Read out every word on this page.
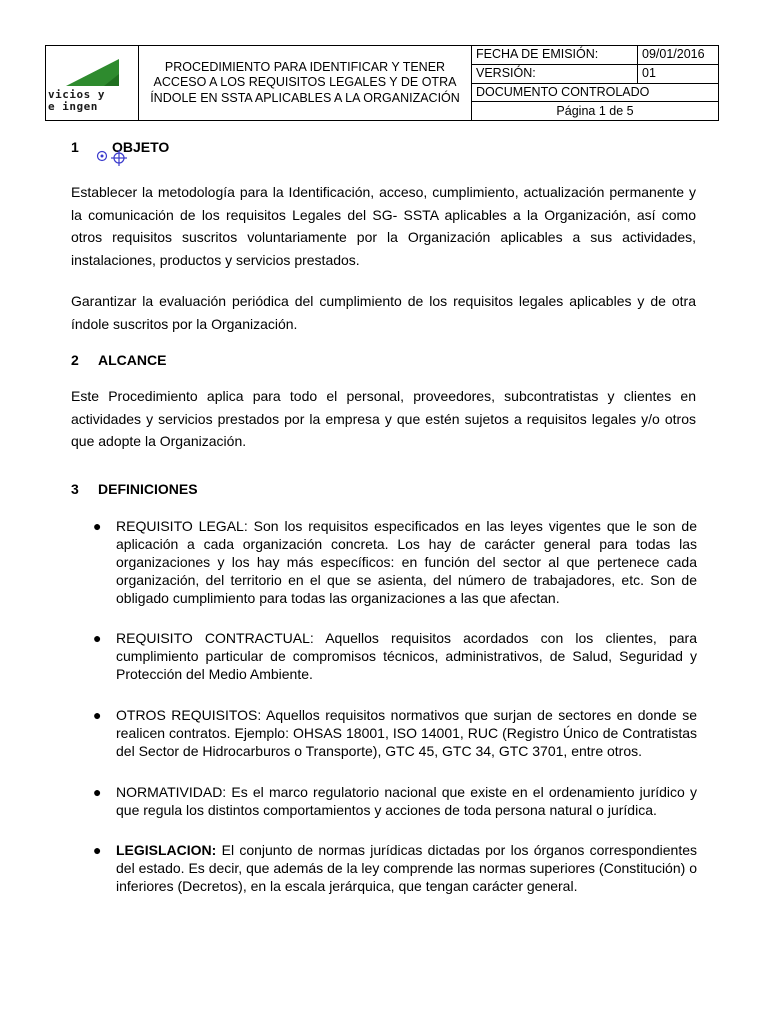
vicios y
e ingen	PROCEDIMIENTO PARA IDENTIFICAR Y TENER ACCESO A LOS REQUISITOS LEGALES Y DE OTRA ÍNDOLE EN SSTA APLICABLES A LA ORGANIZACIÓN	FECHA DE EMISIÓN:	09/01/2016
		VERSIÓN:	01
		DOCUMENTO CONTROLADO	
		Página 1 de 5	
1 OBJETO
Establecer la metodología para la Identificación, acceso, cumplimiento, actualización permanente y la comunicación de los requisitos Legales del SG- SSTA aplicables a la Organización, así como otros requisitos suscritos voluntariamente por la Organización aplicables a sus actividades, instalaciones, productos y servicios prestados.
Garantizar la evaluación periódica del cumplimiento de los requisitos legales aplicables y de otra índole suscritos por la Organización.
2 ALCANCE
Este Procedimiento aplica para todo el personal, proveedores, subcontratistas y clientes en actividades y servicios prestados por la empresa y que estén sujetos a requisitos legales y/o otros que adopte la Organización.
3 DEFINICIONES
● REQUISITO LEGAL: Son los requisitos especificados en las leyes vigentes que le son de aplicación a cada organización concreta. Los hay de carácter general para todas las organizaciones y los hay más específicos: en función del sector al que pertenece cada organización, del territorio en el que se asienta, del número de trabajadores, etc. Son de obligado cumplimiento para todas las organizaciones a las que afectan.
● REQUISITO CONTRACTUAL: Aquellos requisitos acordados con los clientes, para cumplimiento particular de compromisos técnicos, administrativos, de Salud, Seguridad y Protección del Medio Ambiente.
● OTROS REQUISITOS: Aquellos requisitos normativos que surjan de sectores en donde se realicen contratos. Ejemplo: OHSAS 18001, ISO 14001, RUC (Registro Único de Contratistas del Sector de Hidrocarburos o Transporte), GTC 45, GTC 34, GTC 3701, entre otros.
● NORMATIVIDAD: Es el marco regulatorio nacional que existe en el ordenamiento jurídico y que regula los distintos comportamientos y acciones de toda persona natural o jurídica.
● LEGISLACION: El conjunto de normas jurídicas dictadas por los órganos correspondientes del estado. Es decir, que además de la ley comprende las normas superiores (Constitución) o inferiores (Decretos), en la escala jerárquica, que tengan carácter general.
